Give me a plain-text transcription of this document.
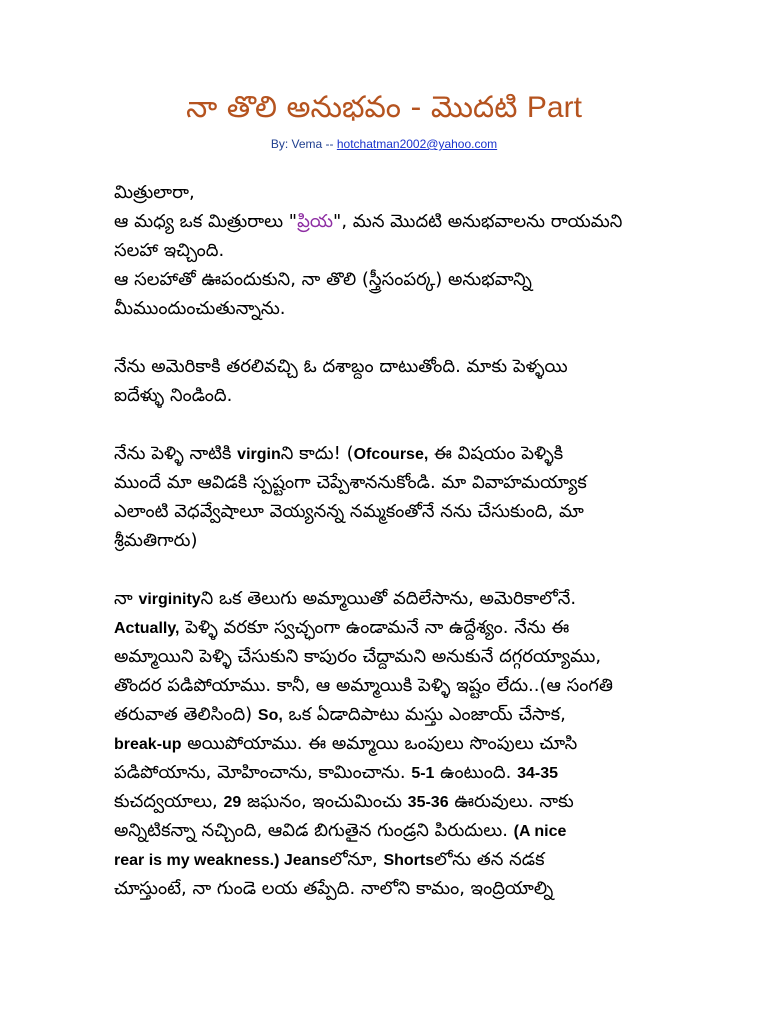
నా తొలి అనుభవం - మొదటి Part
By: Vema -- hotchatman2002@yahoo.com
మిత్రులారా,
ఆ మధ్య ఒక మిత్రురాలు "ప్రియ", మన మొదటి అనుభవాలను రాయమని
సలహా ఇచ్చింది.
ఆ సలహాతో ఊపందుకుని, నా తొలి (స్త్రీసంపర్క) అనుభవాన్ని
మీముందుంచుతున్నాను.
నేను అమెరికాకి తరలివచ్చి ఓ దశాబ్దం దాటుతోంది. మాకు పెళ్ళయి
ఐదేళ్ళు నిండింది.
నేను పెళ్ళి నాటికి virginని కాదు! (Ofcourse, ఈ విషయం పెళ్ళికి
ముందే మా ఆవిడకి స్పష్టంగా చెప్పేశాననుకోండి. మా వివాహమయ్యాక
ఎలాంటి వెధవ్వేషాలూ వెయ్యనన్న నమ్మకంతోనే నను చేసుకుంది, మా
శ్రీమతిగారు)
నా virginityని ఒక తెలుగు అమ్మాయితో వదిలేసాను, అమెరికాలోనే.
Actually, పెళ్ళి వరకూ స్వచ్ఛంగా ఉండామనే నా ఉద్దేశ్యం. నేను ఈ
అమ్మాయిని పెళ్ళి చేసుకుని కాపురం చేద్దామని అనుకునే దగ్గరయ్యాము,
తొందర పడిపోయాము. కానీ, ఆ అమ్మాయికి పెళ్ళి ఇష్టం లేదు..(ఆ సంగతి
తరువాత తెలిసింది) So, ఒక ఏడాదిపాటు మస్తు ఎంజాయ్ చేసాక,
break-up అయిపోయాము. ఈ అమ్మాయి ఒంపులు సొంపులు చూసి
పడిపోయాను, మోహించాను, కామించాను. 5-1 ఉంటుంది. 34-35
కుచద్వయాలు, 29 జఘనం, ఇంచుమించు 35-36 ఊరువులు. నాకు
అన్నిటికన్నా నచ్చింది, ఆవిడ బిగుతైన గుండ్రని పిరుదులు. (A nice
rear is my weakness.) Jeansలోనూ, Shortsలోను తన నడక
చూస్తుంటే, నా గుండె లయ తప్పేది. నాలోని కామం, ఇంద్రియాల్ని
